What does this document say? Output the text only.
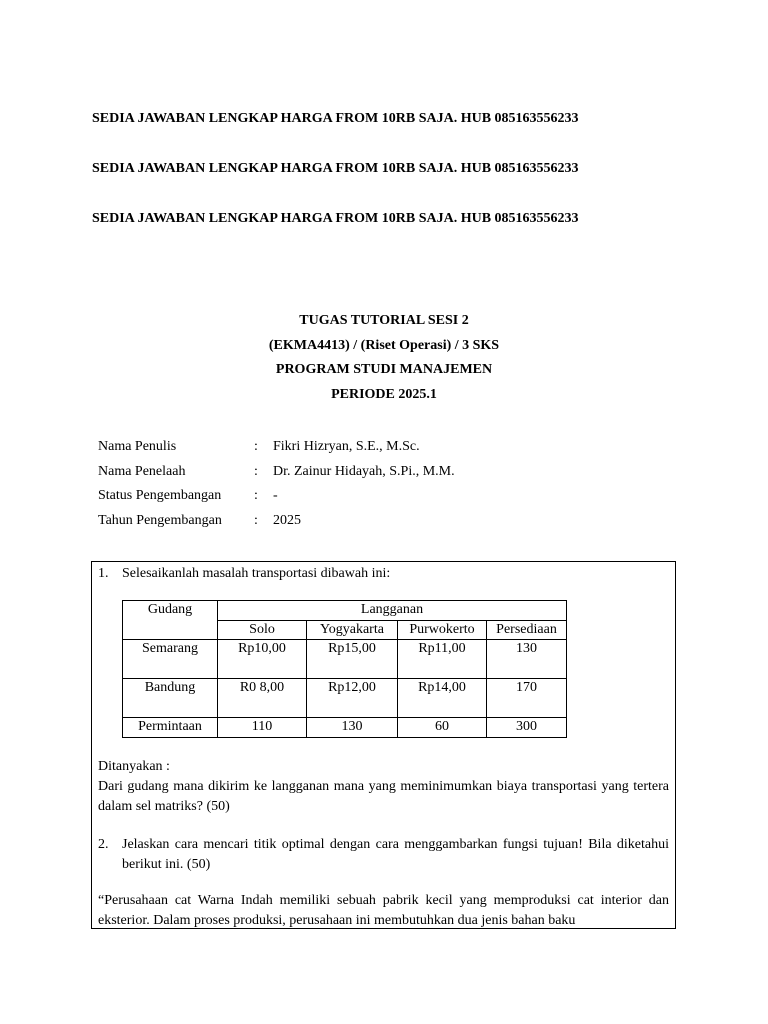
SEDIA JAWABAN LENGKAP HARGA FROM 10RB SAJA. HUB 085163556233
SEDIA JAWABAN LENGKAP HARGA FROM 10RB SAJA. HUB 085163556233
SEDIA JAWABAN LENGKAP HARGA FROM 10RB SAJA. HUB 085163556233
TUGAS TUTORIAL SESI 2
(EKMA4413) / (Riset Operasi) / 3 SKS
PROGRAM STUDI MANAJEMEN
PERIODE 2025.1
Nama Penulis	:	Fikri Hizryan, S.E., M.Sc.
Nama Penelaah	:	Dr. Zainur Hidayah, S.Pi., M.M.
Status Pengembangan	:	-
Tahun Pengembangan	:	2025
1. Selesaikanlah masalah transportasi dibawah ini:
Gudang	Langganan			
	Solo	Yogyakarta	Purwokerto	Persediaan
Semarang	Rp10,00	Rp15,00	Rp11,00	130
Bandung	R0 8,00	Rp12,00	Rp14,00	170
Permintaan	110	130	60	300
Ditanyakan :

Dari gudang mana dikirim ke langganan mana yang meminimumkan biaya transportasi yang tertera dalam sel matriks? (50)

2. Jelaskan cara mencari titik optimal dengan cara menggambarkan fungsi tujuan! Bila diketahui berikut ini. (50)

“Perusahaan cat Warna Indah memiliki sebuah pabrik kecil yang memproduksi cat interior dan eksterior. Dalam proses produksi, perusahaan ini membutuhkan dua jenis bahan baku
